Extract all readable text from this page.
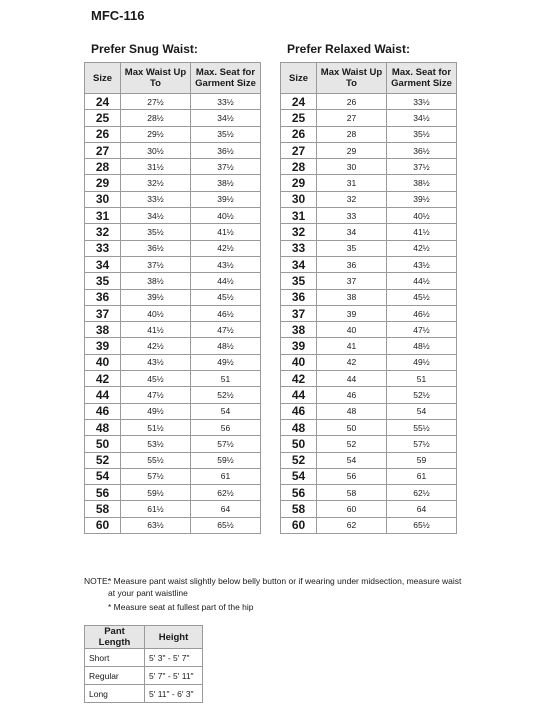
MFC-116
Prefer Snug Waist:	Prefer Relaxed Waist:
Size	Max Waist Up To	Max. Seat for Garment Size
24	27½	33½
25	28½	34½
26	29½	35½
27	30½	36½
28	31½	37½
29	32½	38½
30	33½	39½
31	34½	40½
32	35½	41½
33	36½	42½
34	37½	43½
35	38½	44½
36	39½	45½
37	40½	46½
38	41½	47½
39	42½	48½
40	43½	49½
42	45½	51
44	47½	52½
46	49½	54
48	51½	56
50	53½	57½
52	55½	59½
54	57½	61
56	59½	62½
58	61½	64
60	63½	65½
Size	Max Waist Up To	Max. Seat for Garment Size
24	26	33½
25	27	34½
26	28	35½
27	29	36½
28	30	37½
29	31	38½
30	32	39½
31	33	40½
32	34	41½
33	35	42½
34	36	43½
35	37	44½
36	38	45½
37	39	46½
38	40	47½
39	41	48½
40	42	49½
42	44	51
44	46	52½
46	48	54
48	50	55½
50	52	57½
52	54	59
54	56	61
56	58	62½
58	60	64
60	62	65½
NOTE:
* Measure pant waist slightly below belly button or if wearing under midsection, measure waist at your pant waistline
* Measure seat at fullest part of the hip
Pant Length	Height
Short	5' 3" - 5' 7"
Regular	5' 7" - 5' 11"
Long	5' 11" - 6' 3"
